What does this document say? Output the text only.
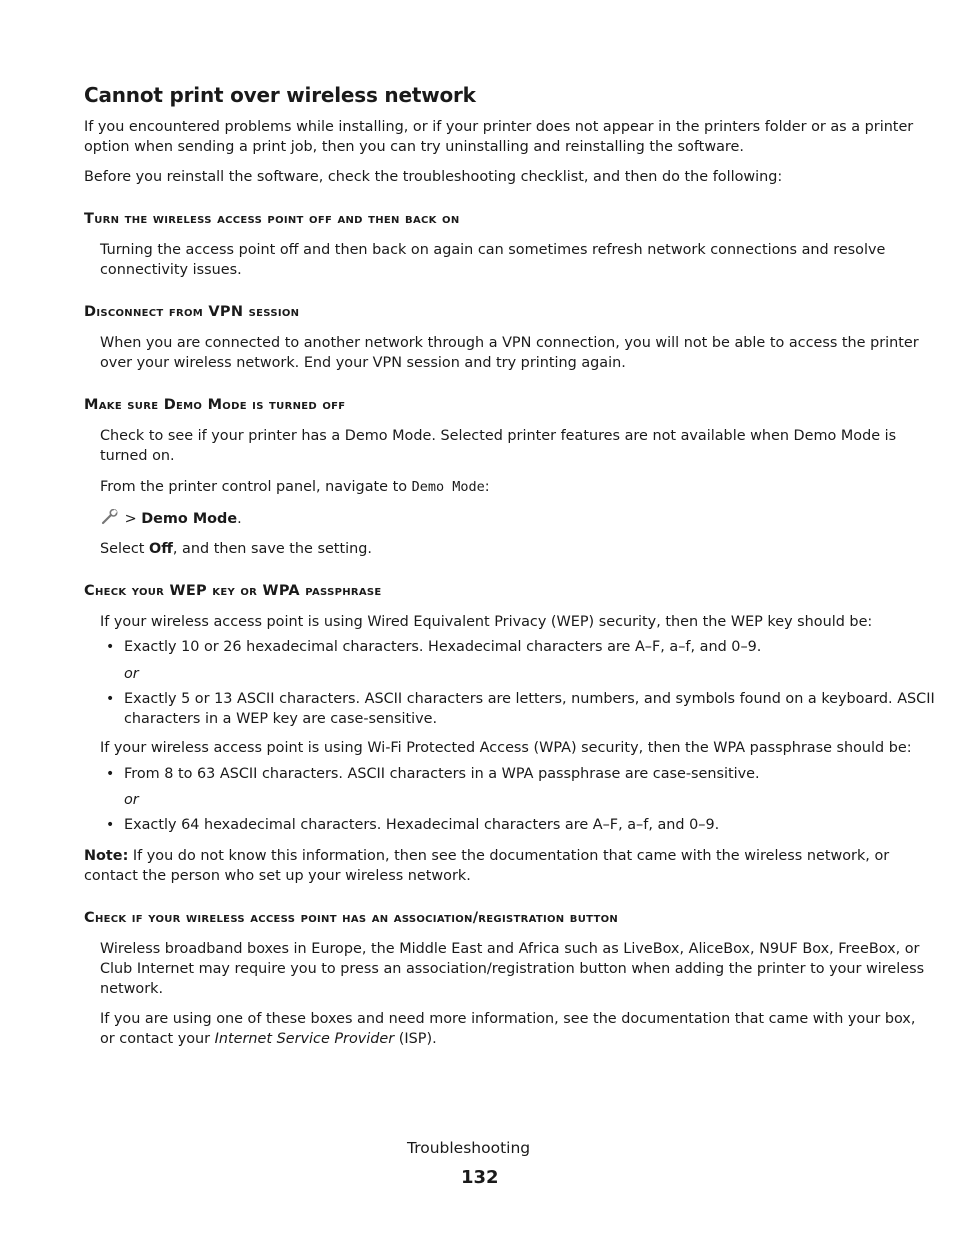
Cannot print over wireless network

If you encountered problems while installing, or if your printer does not appear in the printers folder or as a printer

option when sending a print job, then you can try uninstalling and reinstalling the software.

Before you reinstall the software, check the troubleshooting checklist, and then do the following:

Turn the wireless access point off and then back on

Turning the access point off and then back on again can sometimes refresh network connections and resolve

connectivity issues.

Disconnect from VPN session

When you are connected to another network through a VPN connection, you will not be able to access the printer

over your wireless network. End your VPN session and try printing again.

Make sure Demo Mode is turned off

Check to see if your printer has a Demo Mode. Selected printer features are not available when Demo Mode is

turned on.

From the printer control panel, navigate to Demo Mode:

> Demo Mode.

Select Off, and then save the setting.

Check your WEP key or WPA passphrase

If your wireless access point is using Wired Equivalent Privacy (WEP) security, then the WEP key should be:

• Exactly 10 or 26 hexadecimal characters. Hexadecimal characters are A–F, a–f, and 0–9.

or

• Exactly 5 or 13 ASCII characters. ASCII characters are letters, numbers, and symbols found on a keyboard. ASCII

characters in a WEP key are case-sensitive.

If your wireless access point is using Wi-Fi Protected Access (WPA) security, then the WPA passphrase should be:

• From 8 to 63 ASCII characters. ASCII characters in a WPA passphrase are case-sensitive.

or

• Exactly 64 hexadecimal characters. Hexadecimal characters are A–F, a–f, and 0–9.

Note: If you do not know this information, then see the documentation that came with the wireless network, or

contact the person who set up your wireless network.

Check if your wireless access point has an association/registration button

Wireless broadband boxes in Europe, the Middle East and Africa such as LiveBox, AliceBox, N9UF Box, FreeBox, or

Club Internet may require you to press an association/registration button when adding the printer to your wireless

network.

If you are using one of these boxes and need more information, see the documentation that came with your box,

or contact your Internet Service Provider (ISP).

Troubleshooting

132
